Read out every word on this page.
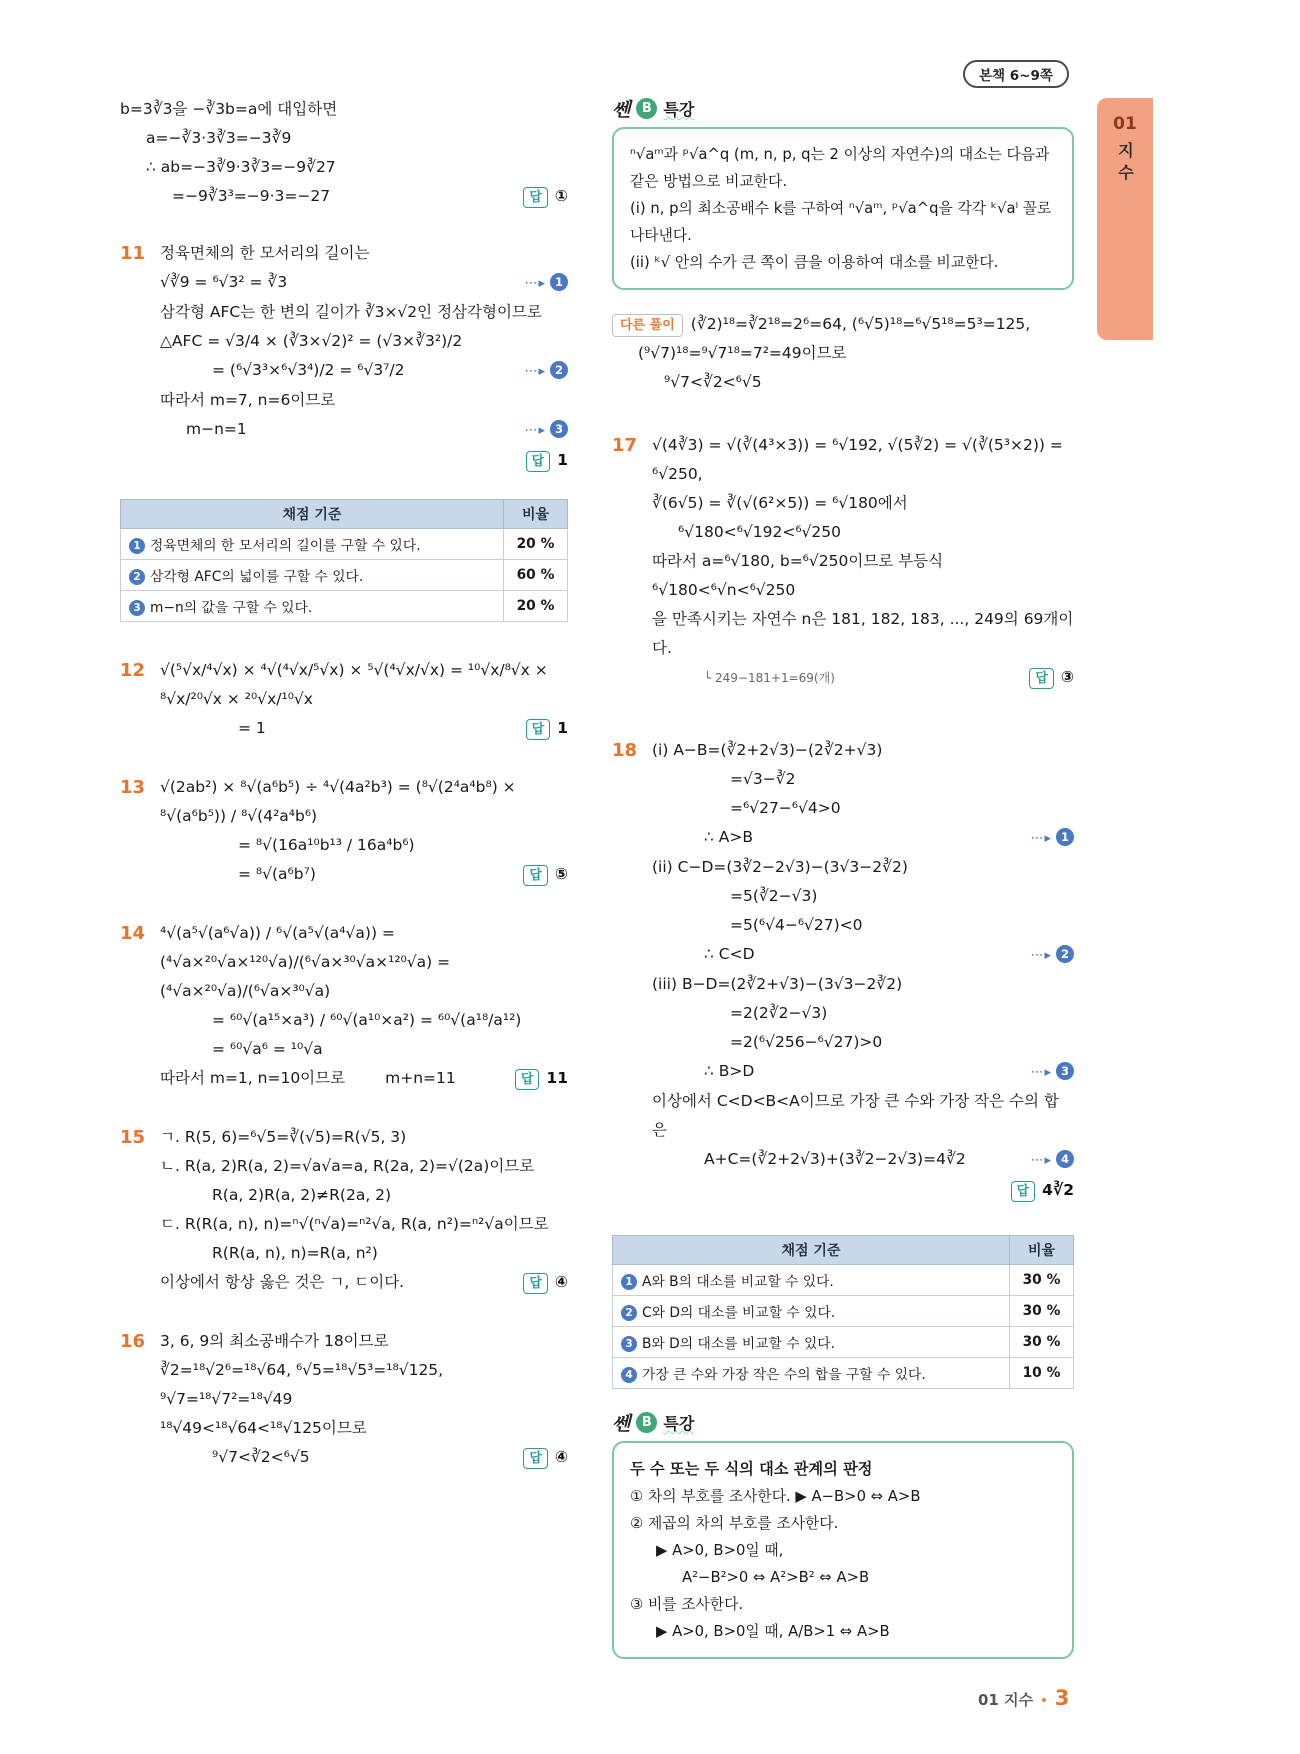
본책 6~9쪽
01
지수
b=3∛3을 −∛3b=a에 대입하면
a=−∛3·3∛3=−3∛9
∴ ab=−3∛9·3∛3=−9∛27
=−9∛3³=−9·3=−27	답 ①
11 정육면체의 한 모서리의 길이는
√∛9 = ⁶√3² = ∛3	⋯▸ 1
삼각형 AFC는 한 변의 길이가 ∛3×√2인 정삼각형이므로
△AFC = √3/4 × (∛3×√2)² = (√3×∛3²)/2
= (⁶√3³×⁶√3⁴)/2 = ⁶√3⁷/2	⋯▸ 2
따라서 m=7, n=6이므로
m−n=1	⋯▸ 3
답 1
채점 기준	비율
1 정육면체의 한 모서리의 길이를 구할 수 있다.	20 %
2 삼각형 AFC의 넓이를 구할 수 있다.	60 %
3 m−n의 값을 구할 수 있다.	20 %
12 √(⁵√x/⁴√x) × ⁴√(⁴√x/⁵√x) × ⁵√(⁴√x/√x) = ¹⁰√x/⁸√x × ⁸√x/²⁰√x × ²⁰√x/¹⁰√x
= 1	답 1
13 √(2ab²) × ⁸√(a⁶b⁵) ÷ ⁴√(4a²b³) = (⁸√(2⁴a⁴b⁸) × ⁸√(a⁶b⁵)) / ⁸√(4²a⁴b⁶)
= ⁸√(16a¹⁰b¹³ / 16a⁴b⁶)
= ⁸√(a⁶b⁷)	답 ⑤
14 ⁴√(a⁵√(a⁶√a)) / ⁶√(a⁵√(a⁴√a)) = (⁴√a×²⁰√a×¹²⁰√a)/(⁶√a×³⁰√a×¹²⁰√a) = (⁴√a×²⁰√a)/(⁶√a×³⁰√a)
= ⁶⁰√(a¹⁵×a³) / ⁶⁰√(a¹⁰×a²) = ⁶⁰√(a¹⁸/a¹²)
= ⁶⁰√a⁶ = ¹⁰√a
따라서 m=1, n=10이므로	m+n=11	답 11
15 ㄱ. R(5, 6)=⁶√5=∛(√5)=R(√5, 3)
ㄴ. R(a, 2)R(a, 2)=√a√a=a, R(2a, 2)=√(2a)이므로
R(a, 2)R(a, 2)≠R(2a, 2)
ㄷ. R(R(a, n), n)=ⁿ√(ⁿ√a)=ⁿ²√a, R(a, n²)=ⁿ²√a이므로
R(R(a, n), n)=R(a, n²)
이상에서 항상 옳은 것은 ㄱ, ㄷ이다.	답 ④
16 3, 6, 9의 최소공배수가 18이므로
∛2=¹⁸√2⁶=¹⁸√64, ⁶√5=¹⁸√5³=¹⁸√125, ⁹√7=¹⁸√7²=¹⁸√49
¹⁸√49<¹⁸√64<¹⁸√125이므로
⁹√7<∛2<⁶√5	답 ④
쎈 B 특강
ⁿ√aᵐ과 ᵖ√a^q (m, n, p, q는 2 이상의 자연수)의 대소는 다음과 같은 방법으로 비교한다.
(i) n, p의 최소공배수 k를 구하여 ⁿ√aᵐ, ᵖ√a^q을 각각 ᵏ√aˡ 꼴로 나타낸다.
(ii) ᵏ√ 안의 수가 큰 쪽이 큼을 이용하여 대소를 비교한다.
다른 풀이	(∛2)¹⁸=∛2¹⁸=2⁶=64, (⁶√5)¹⁸=⁶√5¹⁸=5³=125,
(⁹√7)¹⁸=⁹√7¹⁸=7²=49이므로
⁹√7<∛2<⁶√5
17 √(4∛3) = √(∛(4³×3)) = ⁶√192, √(5∛2) = √(∛(5³×2)) = ⁶√250,
∛(6√5) = ∛(√(6²×5)) = ⁶√180에서
⁶√180<⁶√192<⁶√250
따라서 a=⁶√180, b=⁶√250이므로 부등식 ⁶√180<⁶√n<⁶√250
을 만족시키는 자연수 n은 181, 182, 183, ..., 249의 69개이다.
└ 249−181+1=69(개)	답 ③
18 (i) A−B=(∛2+2√3)−(2∛2+√3)
=√3−∛2
=⁶√27−⁶√4>0
∴ A>B	⋯▸ 1
(ii) C−D=(3∛2−2√3)−(3√3−2∛2)
=5(∛2−√3)
=5(⁶√4−⁶√27)<0
∴ C<D	⋯▸ 2
(iii) B−D=(2∛2+√3)−(3√3−2∛2)
=2(2∛2−√3)
=2(⁶√256−⁶√27)>0
∴ B>D	⋯▸ 3
이상에서 C<D<B<A이므로 가장 큰 수와 가장 작은 수의 합
은
A+C=(∛2+2√3)+(3∛2−2√3)=4∛2	⋯▸ 4
답 4∛2
채점 기준	비율
1 A와 B의 대소를 비교할 수 있다.	30 %
2 C와 D의 대소를 비교할 수 있다.	30 %
3 B와 D의 대소를 비교할 수 있다.	30 %
4 가장 큰 수와 가장 작은 수의 합을 구할 수 있다.	10 %
쎈 B 특강
두 수 또는 두 식의 대소 관계의 판정
① 차의 부호를 조사한다. ▶ A−B>0 ⇔ A>B
② 제곱의 차의 부호를 조사한다.
▶ A>0, B>0일 때,
A²−B²>0 ⇔ A²>B² ⇔ A>B
③ 비를 조사한다.
▶ A>0, B>0일 때, A/B>1 ⇔ A>B
01 지수 • 3
